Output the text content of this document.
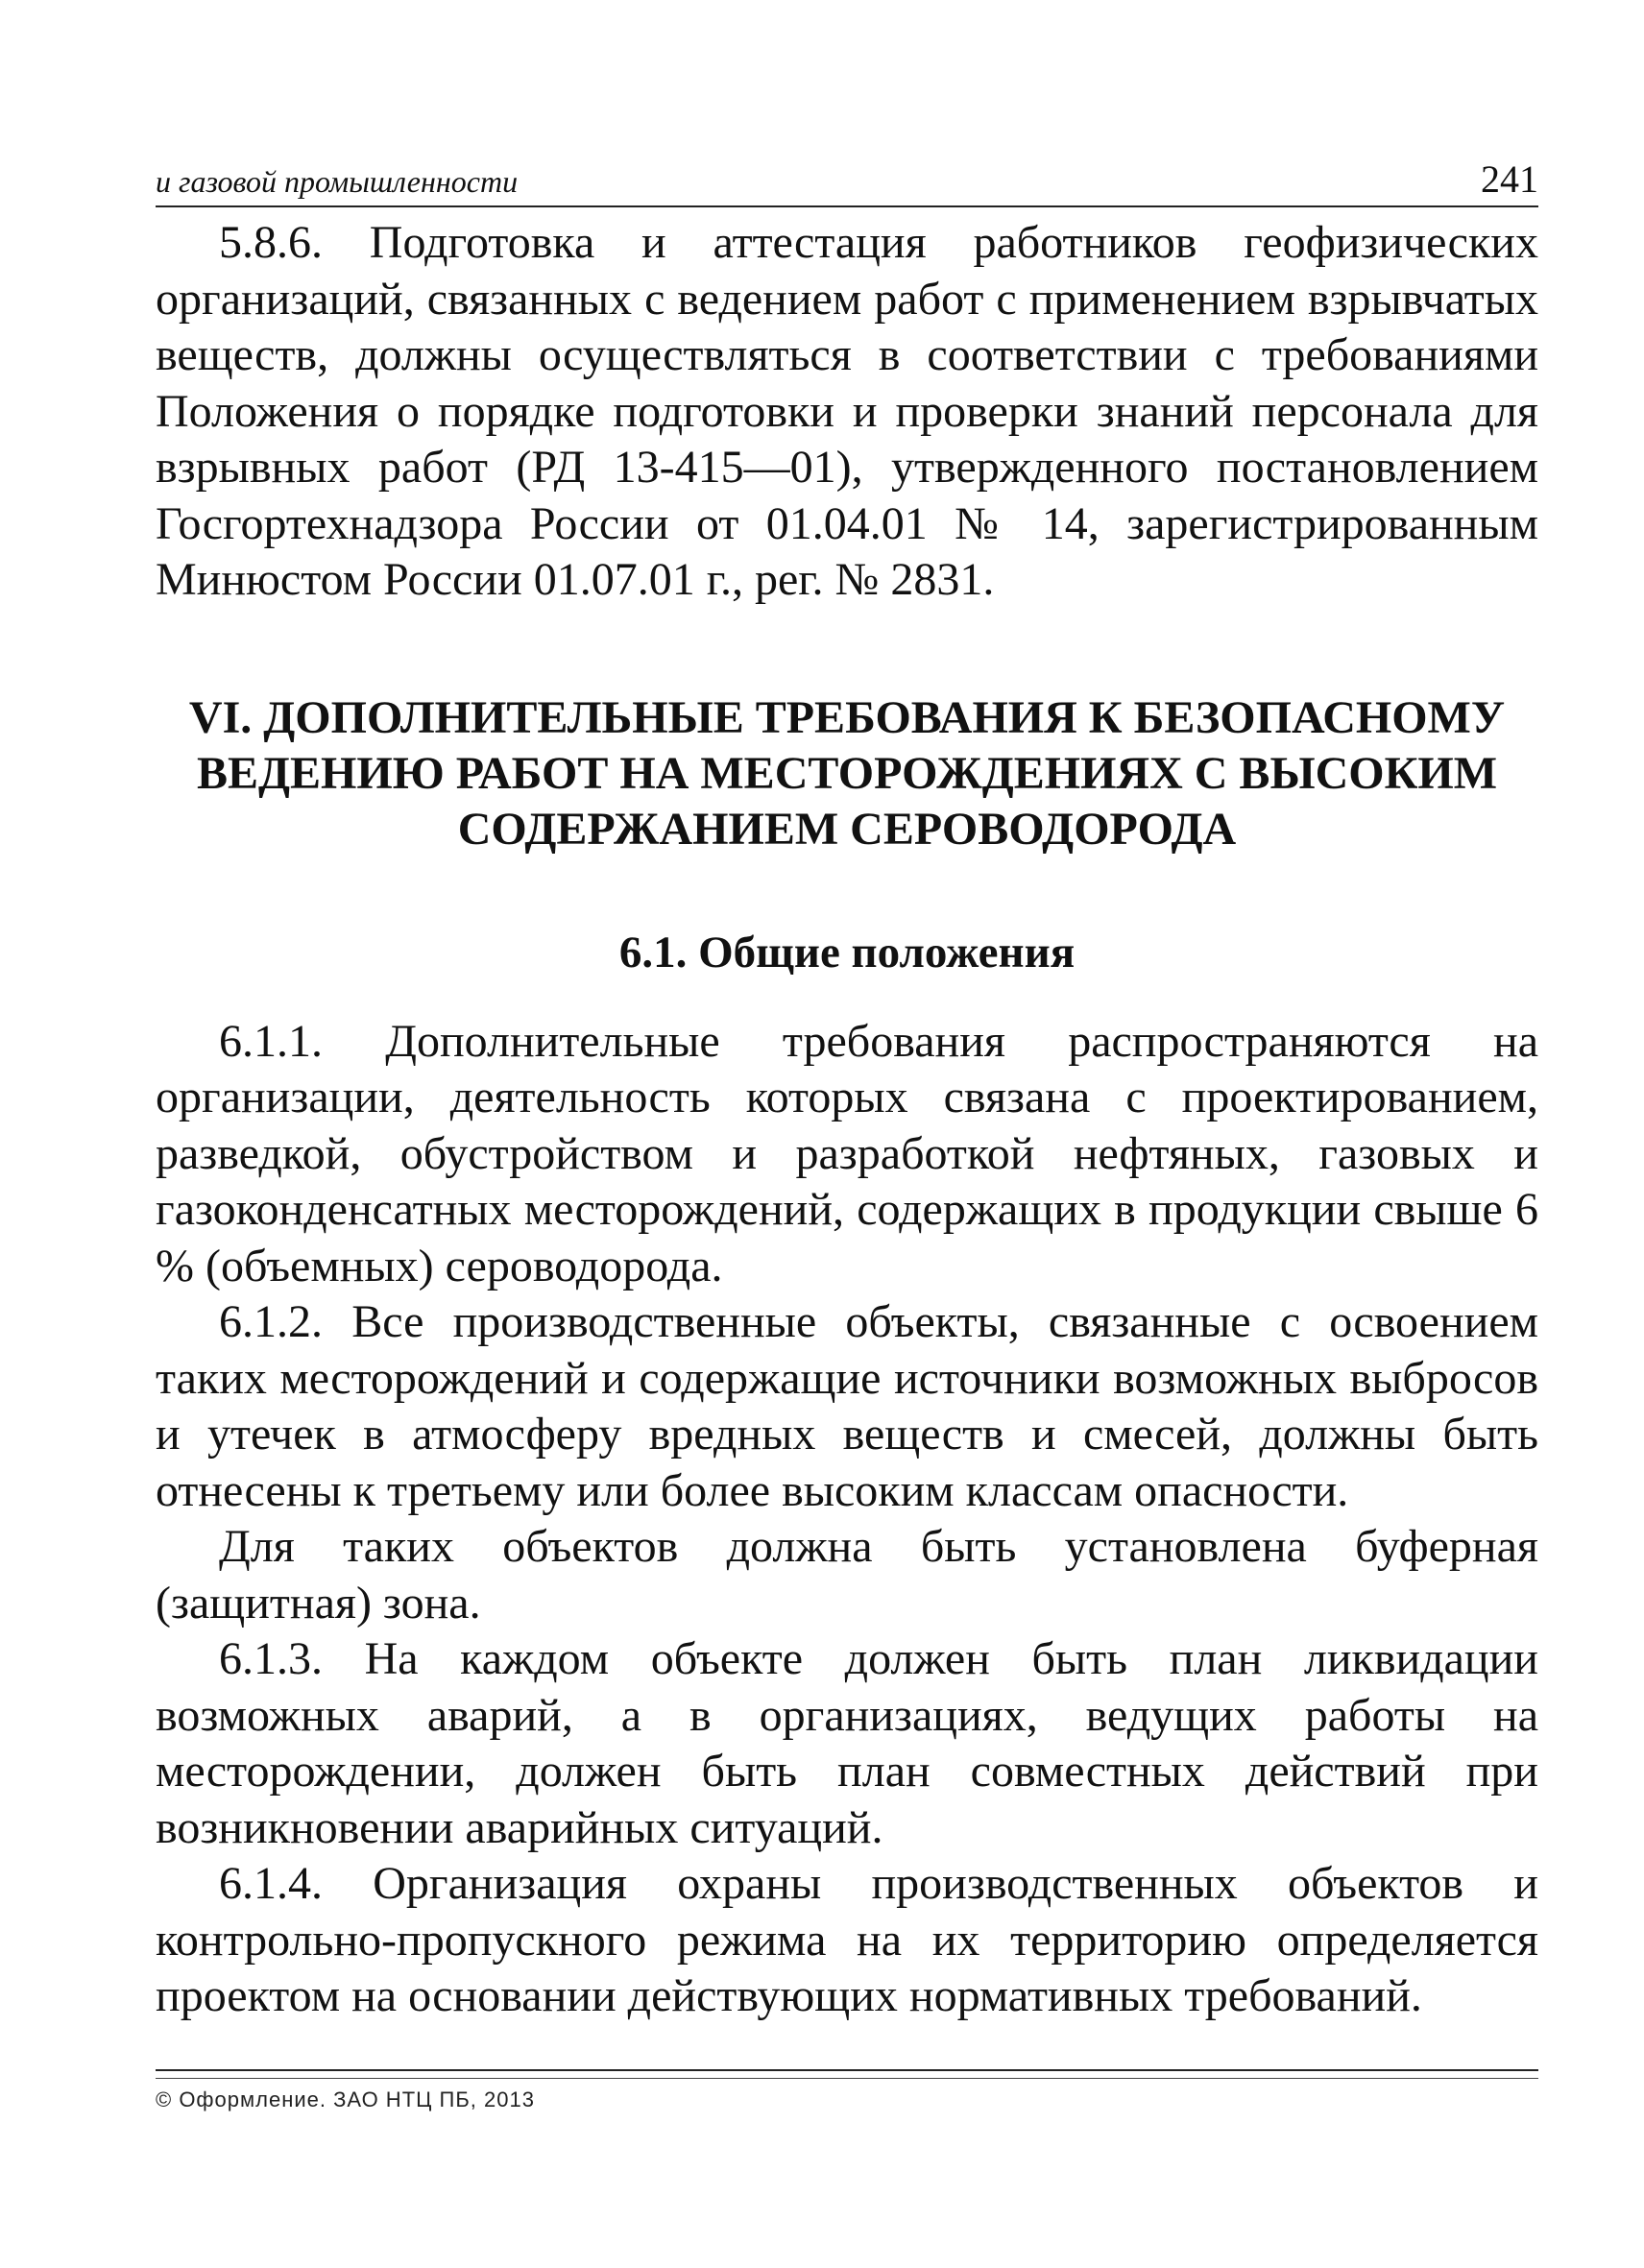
и газовой промышленности	241

5.8.6. Подготовка и аттестация работников геофизических организаций, связанных с ведением работ с применением взрывчатых веществ, должны осуществляться в соответствии с требованиями Положения о порядке подготовки и проверки знаний персонала для взрывных работ (РД 13-415—01), утвержденного постановлением Госгортехнадзора России от 01.04.01 № 14, зарегистрированным Минюстом России 01.07.01 г., рег. № 2831.

VI. ДОПОЛНИТЕЛЬНЫЕ ТРЕБОВАНИЯ К БЕЗОПАСНОМУ
ВЕДЕНИЮ РАБОТ НА МЕСТОРОЖДЕНИЯХ С ВЫСОКИМ
СОДЕРЖАНИЕМ СЕРОВОДОРОДА
6.1. Общие положения

6.1.1. Дополнительные требования распространяются на организации, деятельность которых связана с проектированием, разведкой, обустройством и разработкой нефтяных, газовых и газоконденсатных месторождений, содержащих в продукции свыше 6 % (объемных) сероводорода.

6.1.2. Все производственные объекты, связанные с освоением таких месторождений и содержащие источники возможных выбросов и утечек в атмосферу вредных веществ и смесей, должны быть отнесены к третьему или более высоким классам опасности.

Для таких объектов должна быть установлена буферная (защитная) зона.

6.1.3. На каждом объекте должен быть план ликвидации возможных аварий, а в организациях, ведущих работы на месторождении, должен быть план совместных действий при возникновении аварийных ситуаций.

6.1.4. Организация охраны производственных объектов и контрольно-пропускного режима на их территорию определяется проектом на основании действующих нормативных требований.

© Оформление. ЗАО НТЦ ПБ, 2013
